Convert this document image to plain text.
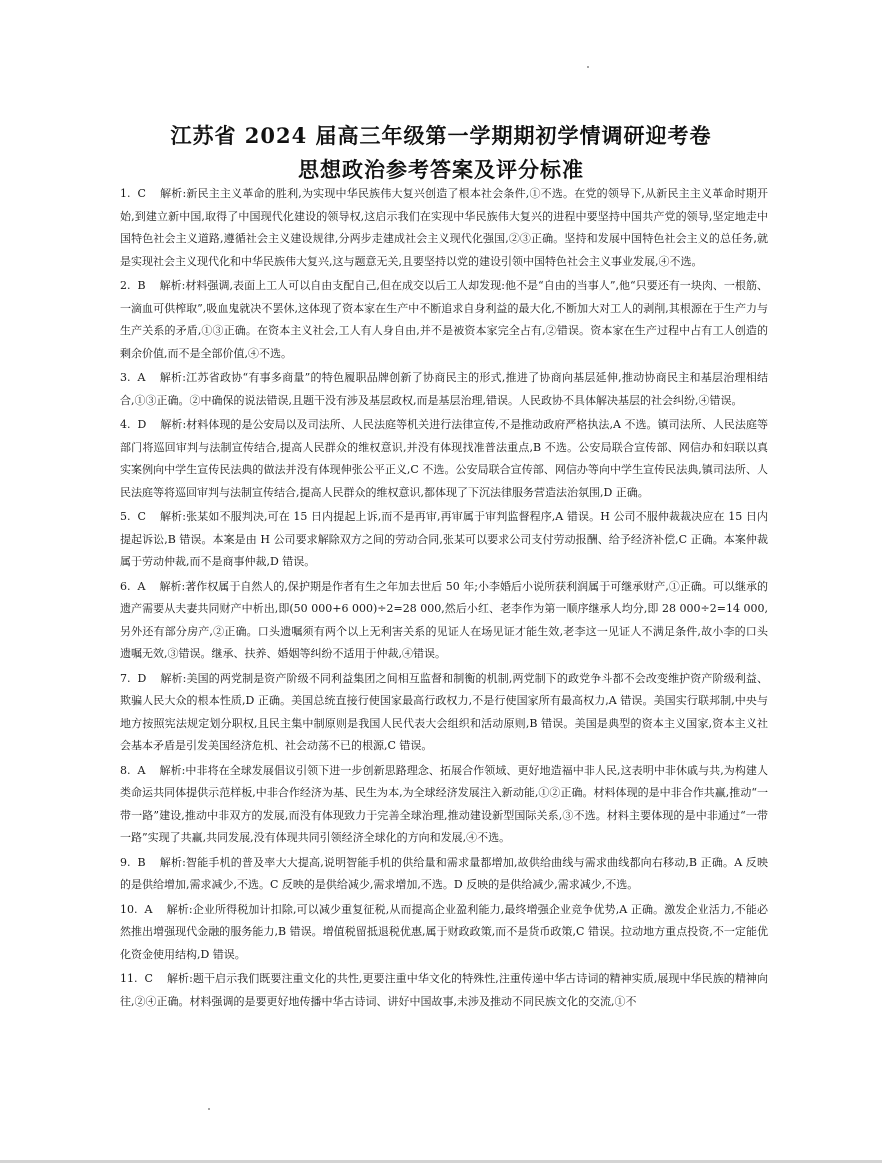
江苏省 2024 届高三年级第一学期期初学情调研迎考卷
思想政治参考答案及评分标准

1. C 解析:新民主主义革命的胜利,为实现中华民族伟大复兴创造了根本社会条件,①不选。在党的领导下,从新民主主义革命时期开始,到建立新中国,取得了中国现代化建设的领导权,这启示我们在实现中华民族伟大复兴的进程中要坚持中国共产党的领导,坚定地走中国特色社会主义道路,遵循社会主义建设规律,分两步走建成社会主义现代化强国,②③正确。坚持和发展中国特色社会主义的总任务,就是实现社会主义现代化和中华民族伟大复兴,这与题意无关,且要坚持以党的建设引领中国特色社会主义事业发展,④不选。

2. B 解析:材料强调,表面上工人可以自由支配自己,但在成交以后工人却发现:他不是“自由的当事人”,他“只要还有一块肉、一根筋、一滴血可供榨取”,吸血鬼就决不罢休,这体现了资本家在生产中不断追求自身利益的最大化,不断加大对工人的剥削,其根源在于生产力与生产关系的矛盾,①③正确。在资本主义社会,工人有人身自由,并不是被资本家完全占有,②错误。资本家在生产过程中占有工人创造的剩余价值,而不是全部价值,④不选。

3. A 解析:江苏省政协“有事多商量”的特色履职品牌创新了协商民主的形式,推进了协商向基层延伸,推动协商民主和基层治理相结合,①③正确。②中确保的说法错误,且题干没有涉及基层政权,而是基层治理,错误。人民政协不具体解决基层的社会纠纷,④错误。

4. D 解析:材料体现的是公安局以及司法所、人民法庭等机关进行法律宣传,不是推动政府严格执法,A 不选。镇司法所、人民法庭等部门将巡回审判与法制宣传结合,提高人民群众的维权意识,并没有体现找准普法重点,B 不选。公安局联合宣传部、网信办和妇联以真实案例向中学生宣传民法典的做法并没有体现伸张公平正义,C 不选。公安局联合宣传部、网信办等向中学生宣传民法典,镇司法所、人民法庭等将巡回审判与法制宣传结合,提高人民群众的维权意识,都体现了下沉法律服务营造法治氛围,D 正确。

5. C 解析:张某如不服判决,可在 15 日内提起上诉,而不是再审,再审属于审判监督程序,A 错误。H 公司不服仲裁裁决应在 15 日内提起诉讼,B 错误。本案是由 H 公司要求解除双方之间的劳动合同,张某可以要求公司支付劳动报酬、给予经济补偿,C 正确。本案仲裁属于劳动仲裁,而不是商事仲裁,D 错误。

6. A 解析:著作权属于自然人的,保护期是作者有生之年加去世后 50 年;小李婚后小说所获利润属于可继承财产,①正确。可以继承的遗产需要从夫妻共同财产中析出,即(50 000+6 000)÷2=28 000,然后小红、老李作为第一顺序继承人均分,即 28 000÷2=14 000,另外还有部分房产,②正确。口头遗嘱须有两个以上无利害关系的见证人在场见证才能生效,老李这一见证人不满足条件,故小李的口头遗嘱无效,③错误。继承、扶养、婚姻等纠纷不适用于仲裁,④错误。

7. D 解析:美国的两党制是资产阶级不同利益集团之间相互监督和制衡的机制,两党制下的政党争斗都不会改变维护资产阶级利益、欺骗人民大众的根本性质,D 正确。美国总统直接行使国家最高行政权力,不是行使国家所有最高权力,A 错误。美国实行联邦制,中央与地方按照宪法规定划分职权,且民主集中制原则是我国人民代表大会组织和活动原则,B 错误。美国是典型的资本主义国家,资本主义社会基本矛盾是引发美国经济危机、社会动荡不已的根源,C 错误。

8. A 解析:中非将在全球发展倡议引领下进一步创新思路理念、拓展合作领域、更好地造福中非人民,这表明中非休戚与共,为构建人类命运共同体提供示范样板,中非合作经济为基、民生为本,为全球经济发展注入新动能,①②正确。材料体现的是中非合作共赢,推动“一带一路”建设,推动中非双方的发展,而没有体现致力于完善全球治理,推动建设新型国际关系,③不选。材料主要体现的是中非通过“一带一路”实现了共赢,共同发展,没有体现共同引领经济全球化的方向和发展,④不选。

9. B 解析:智能手机的普及率大大提高,说明智能手机的供给量和需求量都增加,故供给曲线与需求曲线都向右移动,B 正确。A 反映的是供给增加,需求减少,不选。C 反映的是供给减少,需求增加,不选。D 反映的是供给减少,需求减少,不选。

10. A 解析:企业所得税加计扣除,可以减少重复征税,从而提高企业盈利能力,最终增强企业竞争优势,A 正确。激发企业活力,不能必然推出增强现代金融的服务能力,B 错误。增值税留抵退税优惠,属于财政政策,而不是货币政策,C 错误。拉动地方重点投资,不一定能优化资金使用结构,D 错误。

11. C 解析:题干启示我们既要注重文化的共性,更要注重中华文化的特殊性,注重传递中华古诗词的精神实质,展现中华民族的精神向往,②④正确。材料强调的是要更好地传播中华古诗词、讲好中国故事,未涉及推动不同民族文化的交流,①不
